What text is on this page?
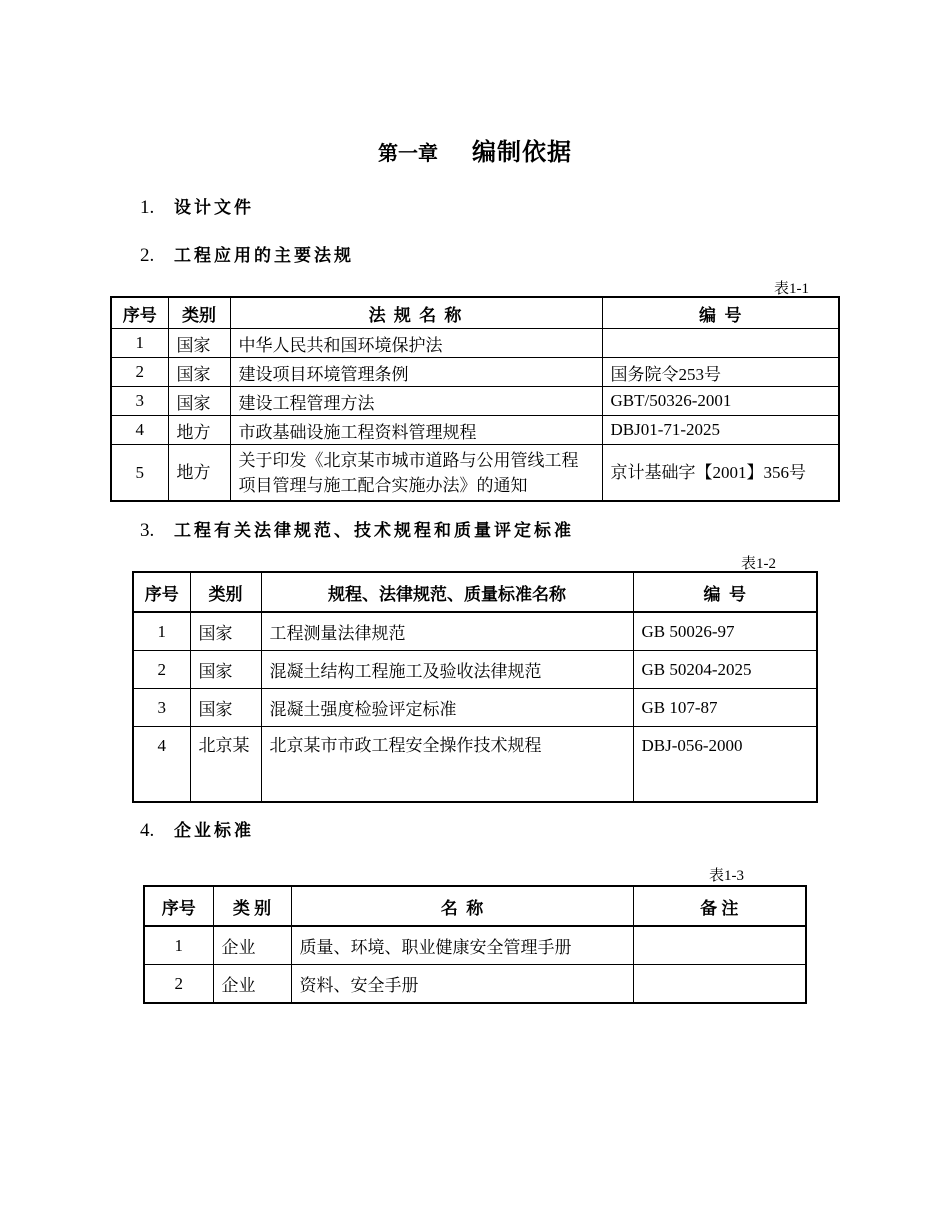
第一章 编制依据
1. 设计文件
2. 工程应用的主要法规
3. 工程有关法律规范、技术规程和质量评定标准
4. 企业标准
表1-1
序号	类别	法 规 名 称	编  号
1	国家	中华人民共和国环境保护法	
2	国家	建设项目环境管理条例	国务院令253号
3	国家	建设工程管理方法	GBT/50326-2001
4	地方	市政基础设施工程资料管理规程	DBJ01-71-2025
5	地方	关于印发《北京某市城市道路与公用管线工程项目管理与施工配合实施办法》的通知	京计基础字【2001】356号
表1-2
序号	类别	规程、法律规范、质量标准名称	编  号
1	国家	工程测量法律规范	GB 50026-97
2	国家	混凝土结构工程施工及验收法律规范	GB 50204-2025
3	国家	混凝土强度检验评定标准	GB 107-87
4	北京某	北京某市市政工程安全操作技术规程	DBJ-056-2000
表1-3
序号	类 别	名  称	备 注
1	企业	质量、环境、职业健康安全管理手册	
2	企业	资料、安全手册	
